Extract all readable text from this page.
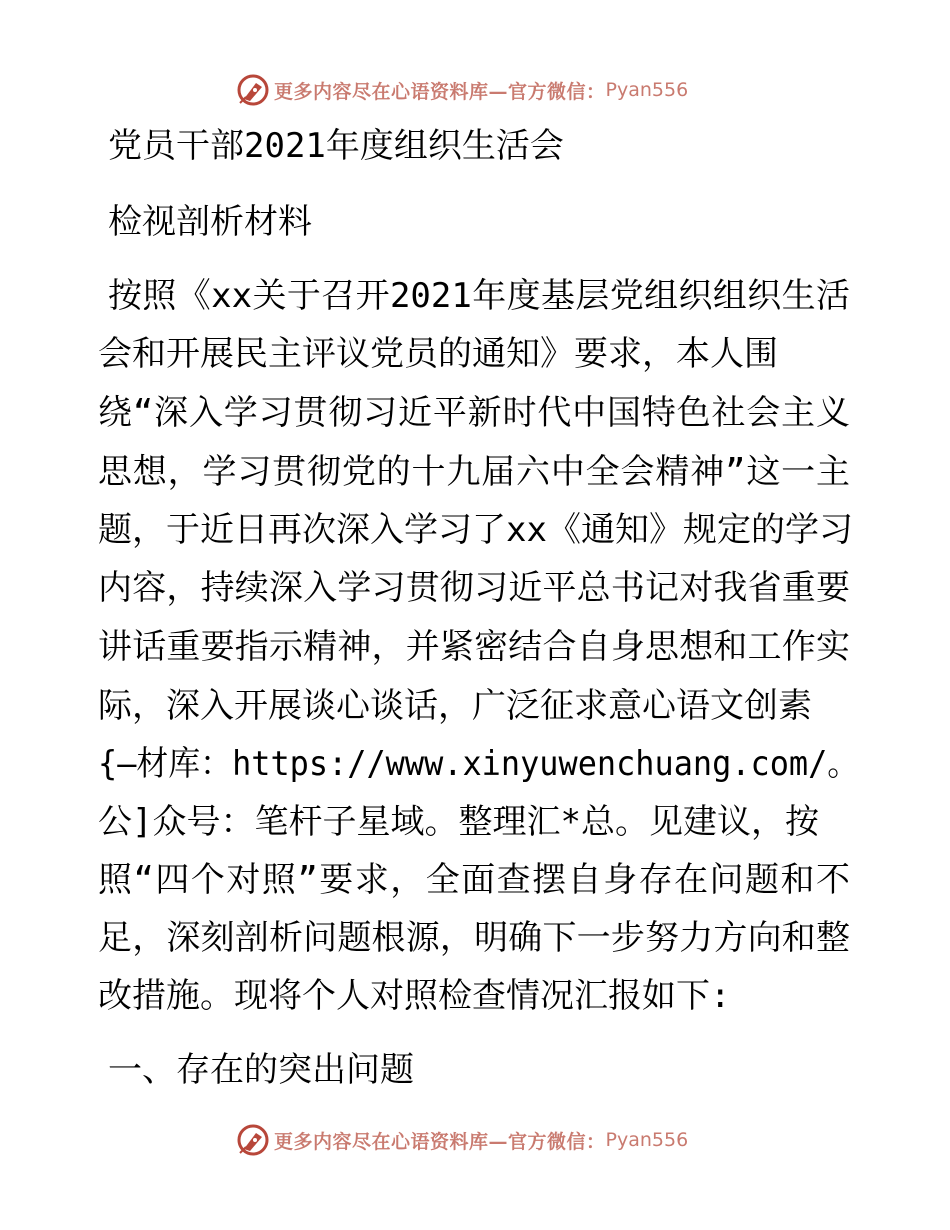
更多内容尽在心语资料库—官方微信： Pyan556
党员干部2021年度组织生活会
检视剖析材料
按照《xx关于召开2021年度基层党组织组织生活
会和开展民主评议党员的通知》要求，本人围
绕“深入学习贯彻习近平新时代中国特色社会主义
思想，学习贯彻党的十九届六中全会精神”这一主
题，于近日再次深入学习了xx《通知》规定的学习
内容，持续深入学习贯彻习近平总书记对我省重要
讲话重要指示精神，并紧密结合自身思想和工作实
际，深入开展谈心谈话，广泛征求意心语文创素
{—材库：https://www.xinyuwenchuang.com/。
公]众号：笔杆子星域。整理汇*总。见建议，按
照“四个对照”要求，全面查摆自身存在问题和不
足，深刻剖析问题根源，明确下一步努力方向和整
改措施。现将个人对照检查情况汇报如下:
一、存在的突出问题
更多内容尽在心语资料库—官方微信： Pyan556
